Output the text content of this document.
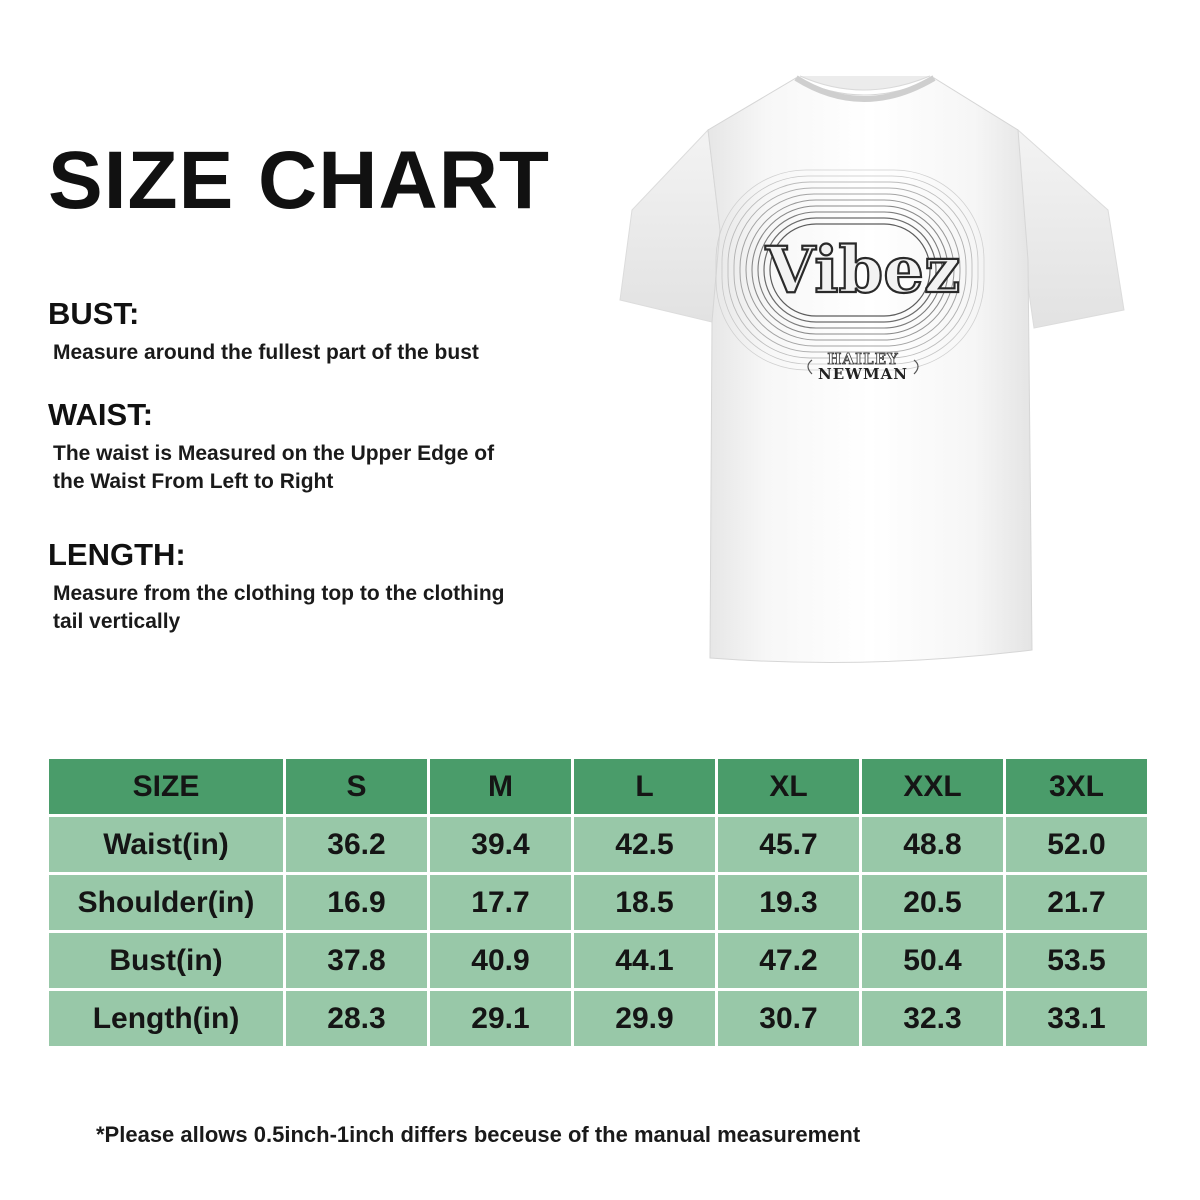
SIZE CHART
BUST:
Measure around the fullest part of the bust
WAIST:
The waist is Measured on the Upper Edge of
the Waist From Left to Right
LENGTH:
Measure from the clothing top to the clothing
tail vertically
Vibez
HAILEY
NEWMAN
SIZE	S	M	L	XL	XXL	3XL
Waist(in)	36.2	39.4	42.5	45.7	48.8	52.0
Shoulder(in)	16.9	17.7	18.5	19.3	20.5	21.7
Bust(in)	37.8	40.9	44.1	47.2	50.4	53.5
Length(in)	28.3	29.1	29.9	30.7	32.3	33.1
*Please allows 0.5inch-1inch differs beceuse of the manual measurement
